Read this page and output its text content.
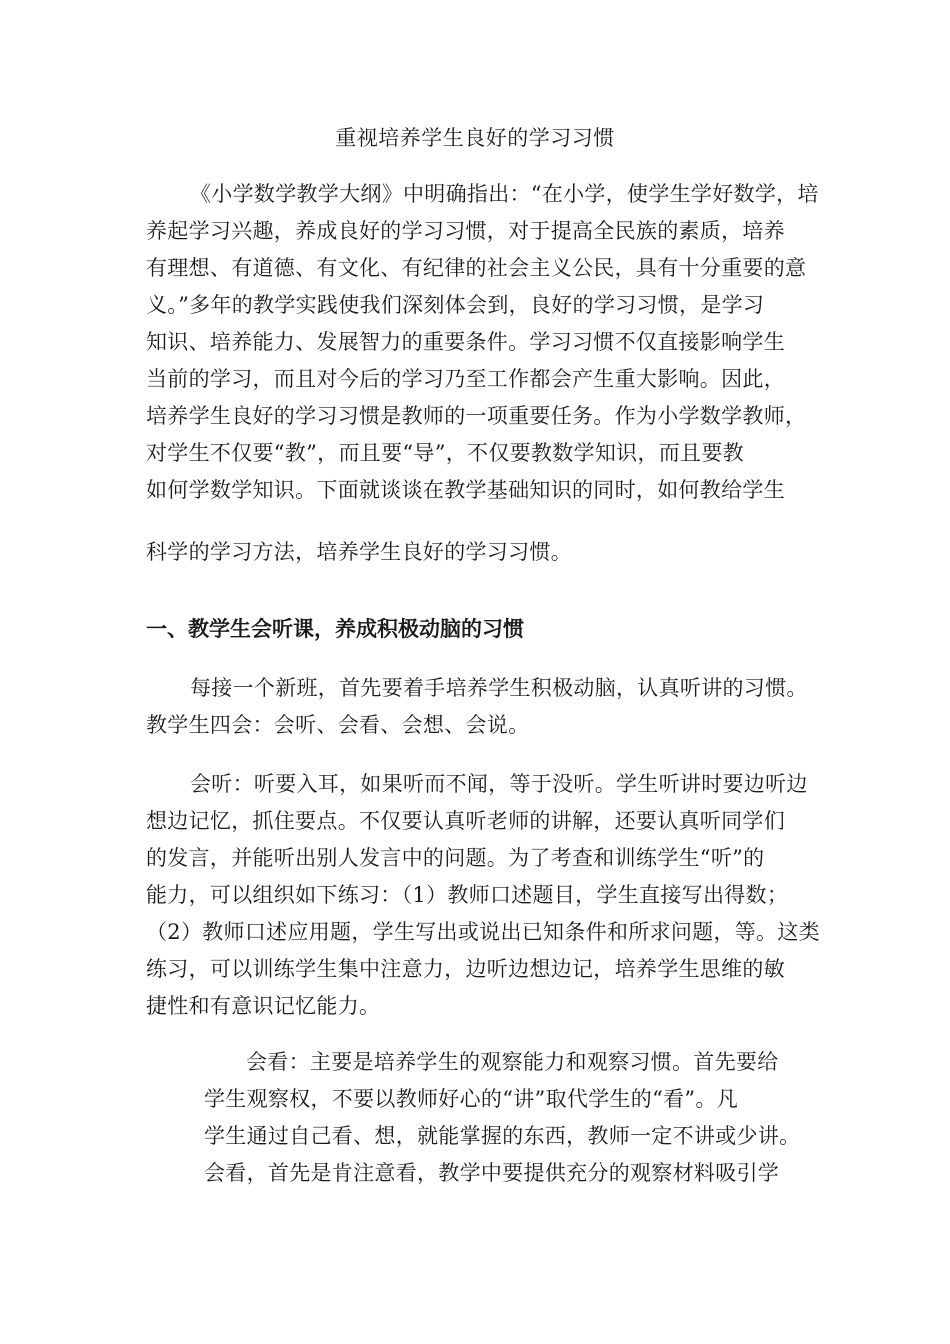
重视培养学生良好的学习习惯
《小学数学教学大纲》中明确指出：“在小学，使学生学好数学，培
养起学习兴趣，养成良好的学习习惯，对于提高全民族的素质，培养
有理想、有道德、有文化、有纪律的社会主义公民，具有十分重要的意
义。”多年的教学实践使我们深刻体会到，良好的学习习惯，是学习
知识、培养能力、发展智力的重要条件。学习习惯不仅直接影响学生
当前的学习，而且对今后的学习乃至工作都会产生重大影响。因此，
培养学生良好的学习习惯是教师的一项重要任务。作为小学数学教师，
对学生不仅要“教”，而且要“导”，不仅要教数学知识，而且要教
如何学数学知识。下面就谈谈在教学基础知识的同时，如何教给学生
科学的学习方法，培养学生良好的学习习惯。
一、教学生会听课，养成积极动脑的习惯
每接一个新班，首先要着手培养学生积极动脑，认真听讲的习惯。
教学生四会：会听、会看、会想、会说。
会听：听要入耳，如果听而不闻，等于没听。学生听讲时要边听边
想边记忆，抓住要点。不仅要认真听老师的讲解，还要认真听同学们
的发言，并能听出别人发言中的问题。为了考查和训练学生“听”的
能力，可以组织如下练习：（1）教师口述题目，学生直接写出得数；
（2）教师口述应用题，学生写出或说出已知条件和所求问题，等。这类
练习，可以训练学生集中注意力，边听边想边记，培养学生思维的敏
捷性和有意识记忆能力。
会看：主要是培养学生的观察能力和观察习惯。首先要给
学生观察权，不要以教师好心的“讲”取代学生的“看”。凡
学生通过自己看、想，就能掌握的东西，教师一定不讲或少讲。
会看，首先是肯注意看，教学中要提供充分的观察材料吸引学
